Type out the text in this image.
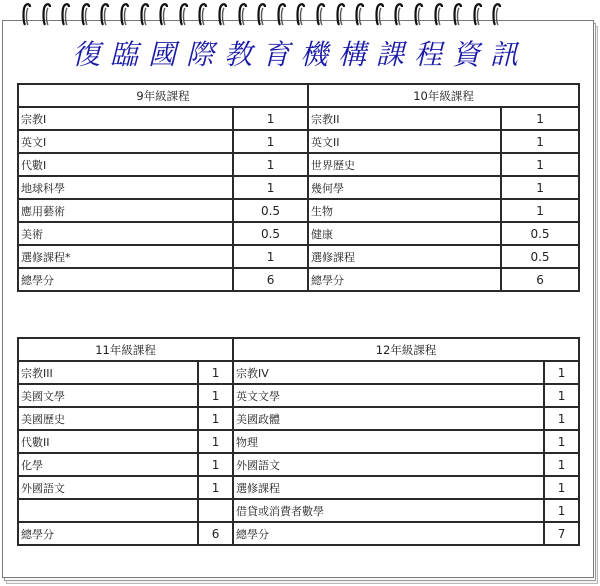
復臨國際教育機構課程資訊
9年級課程		10年級課程	
宗教I	1	宗教II	1
英文I	1	英文II	1
代數I	1	世界歷史	1
地球科學	1	幾何學	1
應用藝術	0.5	生物	1
美術	0.5	健康	0.5
選修課程*	1	選修課程	0.5
總學分	6	總學分	6
11年級課程		12年級課程	
宗教III	1	宗教IV	1
美國文學	1	英文文學	1
美國歷史	1	美國政體	1
代數II	1	物理	1
化學	1	外國語文	1
外國語文	1	選修課程	1
		借貸或消費者數學	1
總學分	6	總學分	7
